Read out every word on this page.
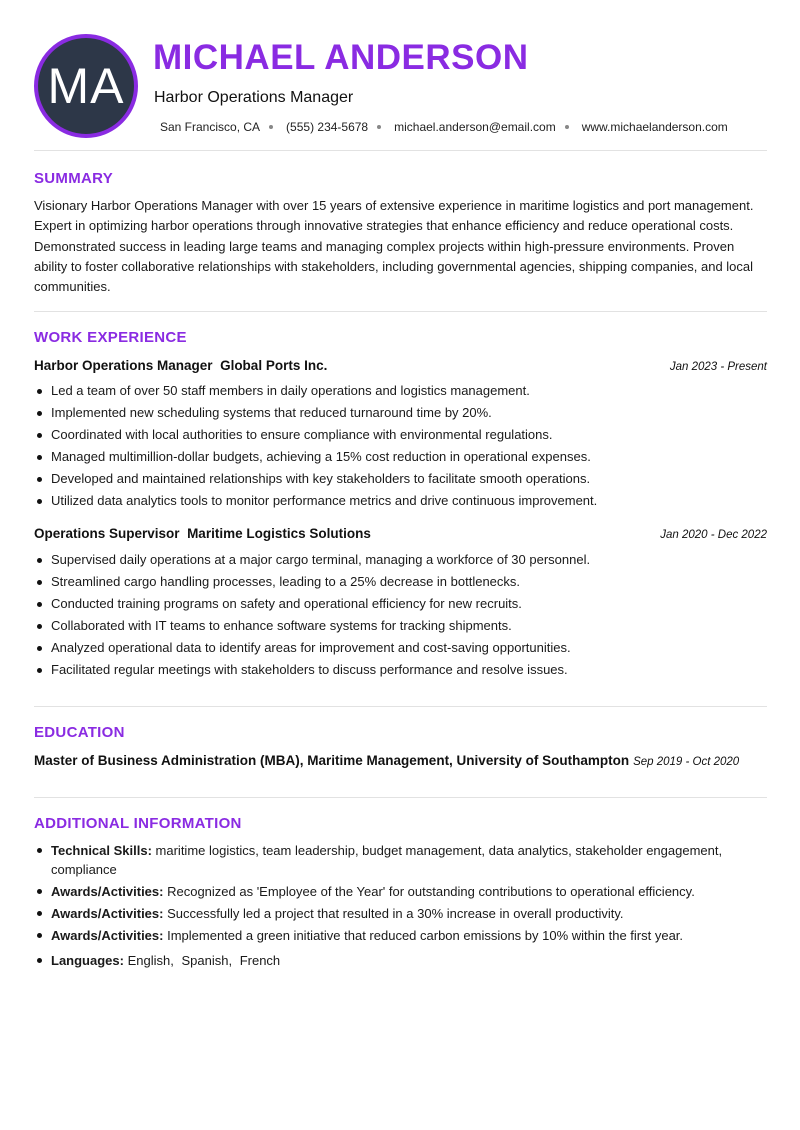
MA
MICHAEL ANDERSON
Harbor Operations Manager
San Francisco, CA (555) 234-5678 michael.anderson@email.com www.michaelanderson.com
SUMMARY
Visionary Harbor Operations Manager with over 15 years of extensive experience in maritime logistics and port management. Expert in optimizing harbor operations through innovative strategies that enhance efficiency and reduce operational costs. Demonstrated success in leading large teams and managing complex projects within high-pressure environments. Proven ability to foster collaborative relationships with stakeholders, including governmental agencies, shipping companies, and local communities.
WORK EXPERIENCE
Harbor Operations Manager Global Ports Inc.	Jan 2023 - Present
Led a team of over 50 staff members in daily operations and logistics management.
Implemented new scheduling systems that reduced turnaround time by 20%.
Coordinated with local authorities to ensure compliance with environmental regulations.
Managed multimillion-dollar budgets, achieving a 15% cost reduction in operational expenses.
Developed and maintained relationships with key stakeholders to facilitate smooth operations.
Utilized data analytics tools to monitor performance metrics and drive continuous improvement.
Operations Supervisor Maritime Logistics Solutions	Jan 2020 - Dec 2022
Supervised daily operations at a major cargo terminal, managing a workforce of 30 personnel.
Streamlined cargo handling processes, leading to a 25% decrease in bottlenecks.
Conducted training programs on safety and operational efficiency for new recruits.
Collaborated with IT teams to enhance software systems for tracking shipments.
Analyzed operational data to identify areas for improvement and cost-saving opportunities.
Facilitated regular meetings with stakeholders to discuss performance and resolve issues.
EDUCATION
Master of Business Administration (MBA), Maritime Management, University of Southampton Sep 2019 - Oct 2020
ADDITIONAL INFORMATION
Technical Skills: maritime logistics, team leadership, budget management, data analytics, stakeholder engagement, compliance
Awards/Activities: Recognized as 'Employee of the Year' for outstanding contributions to operational efficiency.
Awards/Activities: Successfully led a project that resulted in a 30% increase in overall productivity.
Awards/Activities: Implemented a green initiative that reduced carbon emissions by 10% within the first year.
Languages: English, Spanish, French
